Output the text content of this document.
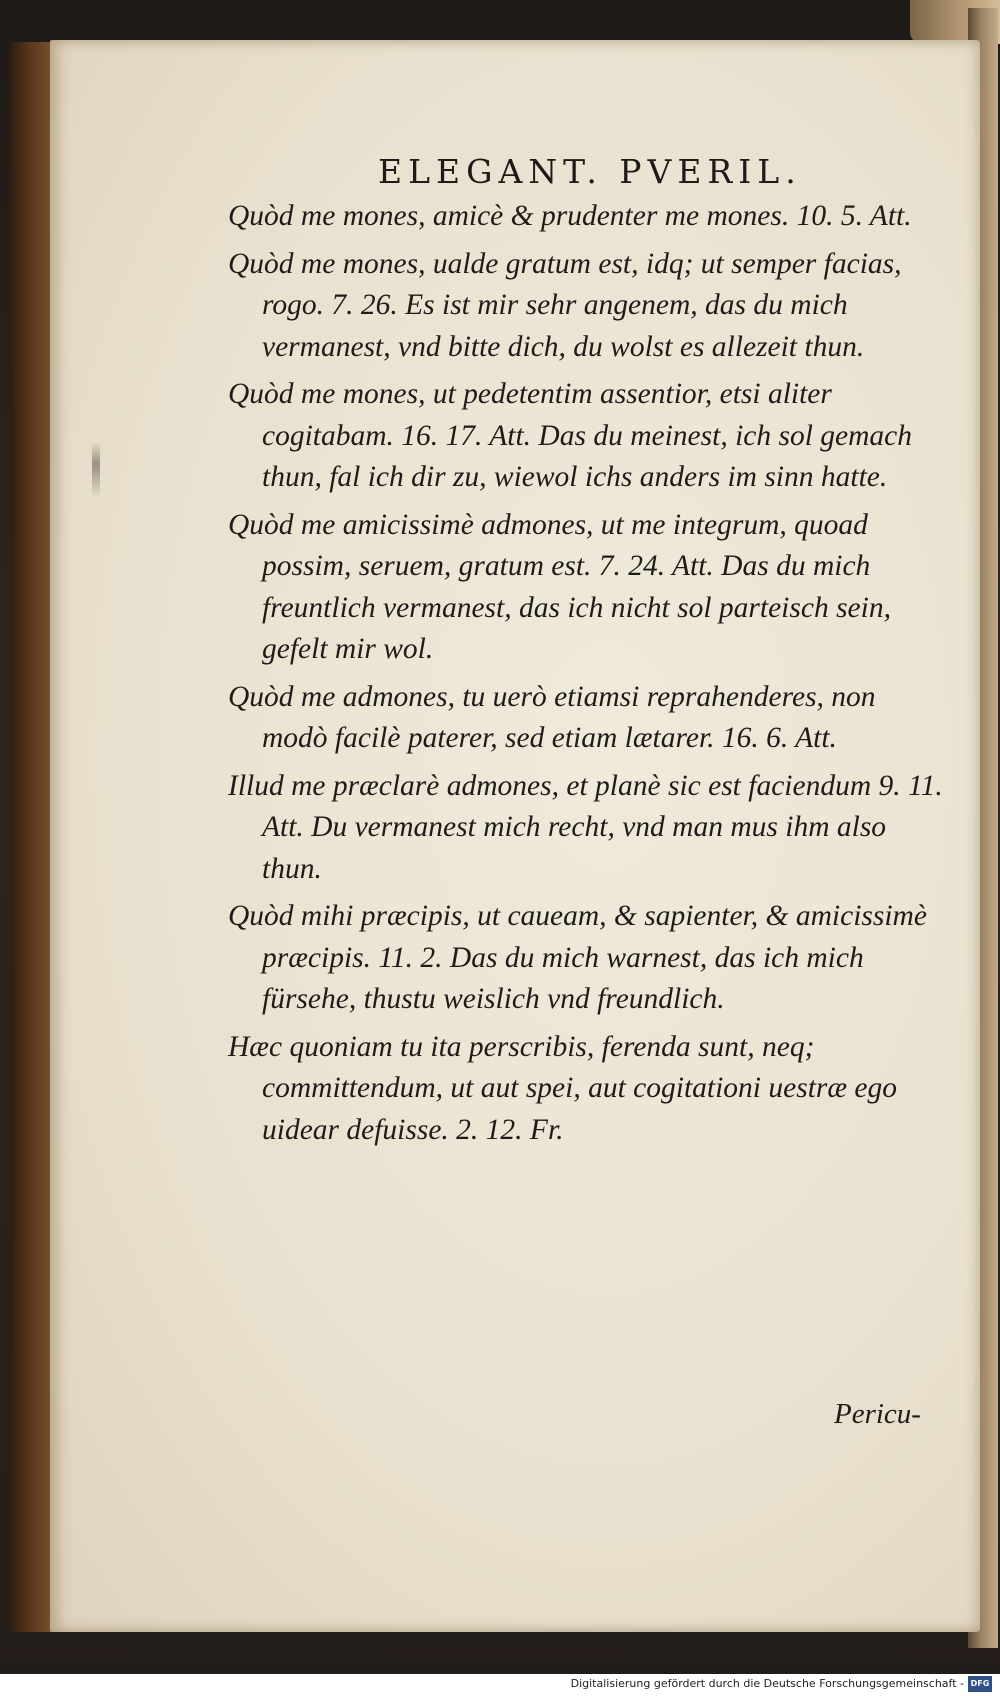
ELEGANT. PVERIL.

Quòd me mones, amicè & prudenter me mones. 10. 5. Att.

Quòd me mones, ualde gratum est, idq; ut semper facias, rogo. 7. 26. Es ist mir sehr angenem, das du mich vermanest, vnd bitte dich, du wolst es allezeit thun.

Quòd me mones, ut pedetentim assentior, etsi aliter cogitabam. 16. 17. Att. Das du meinest, ich sol gemach thun, fal ich dir zu, wiewol ichs anders im sinn hatte.

Quòd me amicissimè admones, ut me integrum, quoad possim, seruem, gratum est. 7. 24. Att. Das du mich freuntlich vermanest, das ich nicht sol parteisch sein, gefelt mir wol.

Quòd me admones, tu uerò etiamsi reprahenderes, non modò facilè paterer, sed etiam lætarer. 16. 6. Att.

Illud me præclarè admones, et planè sic est faciendum 9. 11. Att. Du vermanest mich recht, vnd man mus ihm also thun.

Quòd mihi præcipis, ut caueam, & sapienter, & amicissimè præcipis. 11. 2. Das du mich warnest, das ich mich fürsehe, thustu weislich vnd freundlich.

Hæc quoniam tu ita perscribis, ferenda sunt, neq; committendum, ut aut spei, aut cogitationi uestræ ego uidear defuisse. 2. 12. Fr.

Pericu-
Digitalisierung gefördert durch die Deutsche Forschungsgemeinschaft - DFG
